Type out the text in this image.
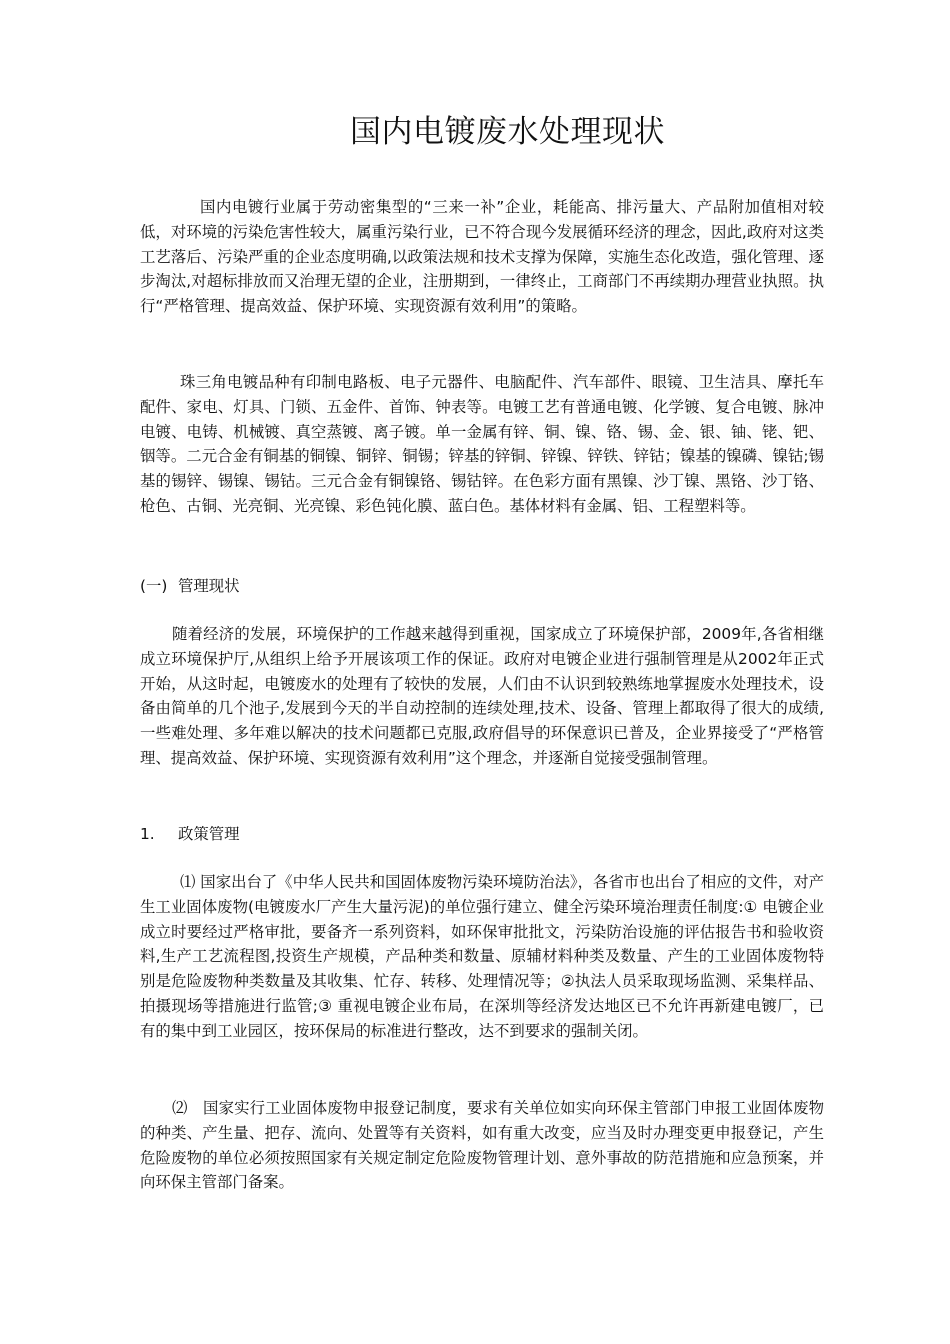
国内电镀废水处理现状

国内电镀行业属于劳动密集型的“三来一补”企业，耗能高、排污量大、产品附加值相对较低，对环境的污染危害性较大，属重污染行业，已不符合现今发展循环经济的理念，因此,政府对这类工艺落后、污染严重的企业态度明确,以政策法规和技术支撑为保障，实施生态化改造，强化管理、逐步淘汰,对超标排放而又治理无望的企业，注册期到，一律终止，工商部门不再续期办理营业执照。执行“严格管理、提高效益、保护环境、实现资源有效利用”的策略。

珠三角电镀品种有印制电路板、电子元器件、电脑配件、汽车部件、眼镜、卫生洁具、摩托车配件、家电、灯具、门锁、五金件、首饰、钟表等。电镀工艺有普通电镀、化学镀、复合电镀、脉冲电镀、电铸、机械镀、真空蒸镀、离子镀。单一金属有锌、铜、镍、铬、锡、金、银、铀、铑、钯、铟等。二元合金有铜基的铜镍、铜锌、铜锡；锌基的锌铜、锌镍、锌铁、锌钴；镍基的镍磷、镍钴;锡基的锡锌、锡镍、锡钴。三元合金有铜镍铬、锡钴锌。在色彩方面有黑镍、沙丁镍、黑铬、沙丁铬、枪色、古铜、光亮铜、光亮镍、彩色钝化膜、蓝白色。基体材料有金属、铝、工程塑料等。

(一) 管理现状

随着经济的发展，环境保护的工作越来越得到重视，国家成立了环境保护部，2009年,各省相继成立环境保护厅,从组织上给予开展该项工作的保证。政府对电镀企业进行强制管理是从2002年正式开始，从这时起，电镀废水的处理有了较快的发展，人们由不认识到较熟练地掌握废水处理技术，设备由简单的几个池子,发展到今天的半自动控制的连续处理,技术、设备、管理上都取得了很大的成绩,一些难处理、多年难以解决的技术问题都已克服,政府倡导的环保意识已普及，企业界接受了“严格管理、提高效益、保护环境、实现资源有效利用”这个理念，并逐渐自觉接受强制管理。

1. 政策管理

⑴ 国家出台了《中华人民共和国固体废物污染环境防治法》，各省市也出台了相应的文件，对产生工业固体废物(电镀废水厂产生大量污泥)的单位强行建立、健全污染环境治理责任制度:① 电镀企业成立时要经过严格审批，要备齐一系列资料，如环保审批批文，污染防治设施的评估报告书和验收资料,生产工艺流程图,投资生产规模，产品种类和数量、原辅材料种类及数量、产生的工业固体废物特别是危险废物种类数量及其收集、忙存、转移、处理情况等；②执法人员采取现场监测、采集样品、拍摄现场等措施进行监管;③ 重视电镀企业布局，在深圳等经济发达地区已不允许再新建电镀厂，已有的集中到工业园区，按环保局的标准进行整改，达不到要求的强制关闭。

⑵　国家实行工业固体废物申报登记制度，要求有关单位如实向环保主管部门申报工业固体废物的种类、产生量、把存、流向、处置等有关资料，如有重大改变，应当及时办理变更申报登记，产生危险废物的单位必须按照国家有关规定制定危险废物管理计划、意外事故的防范措施和应急预案，并向环保主管部门备案。
